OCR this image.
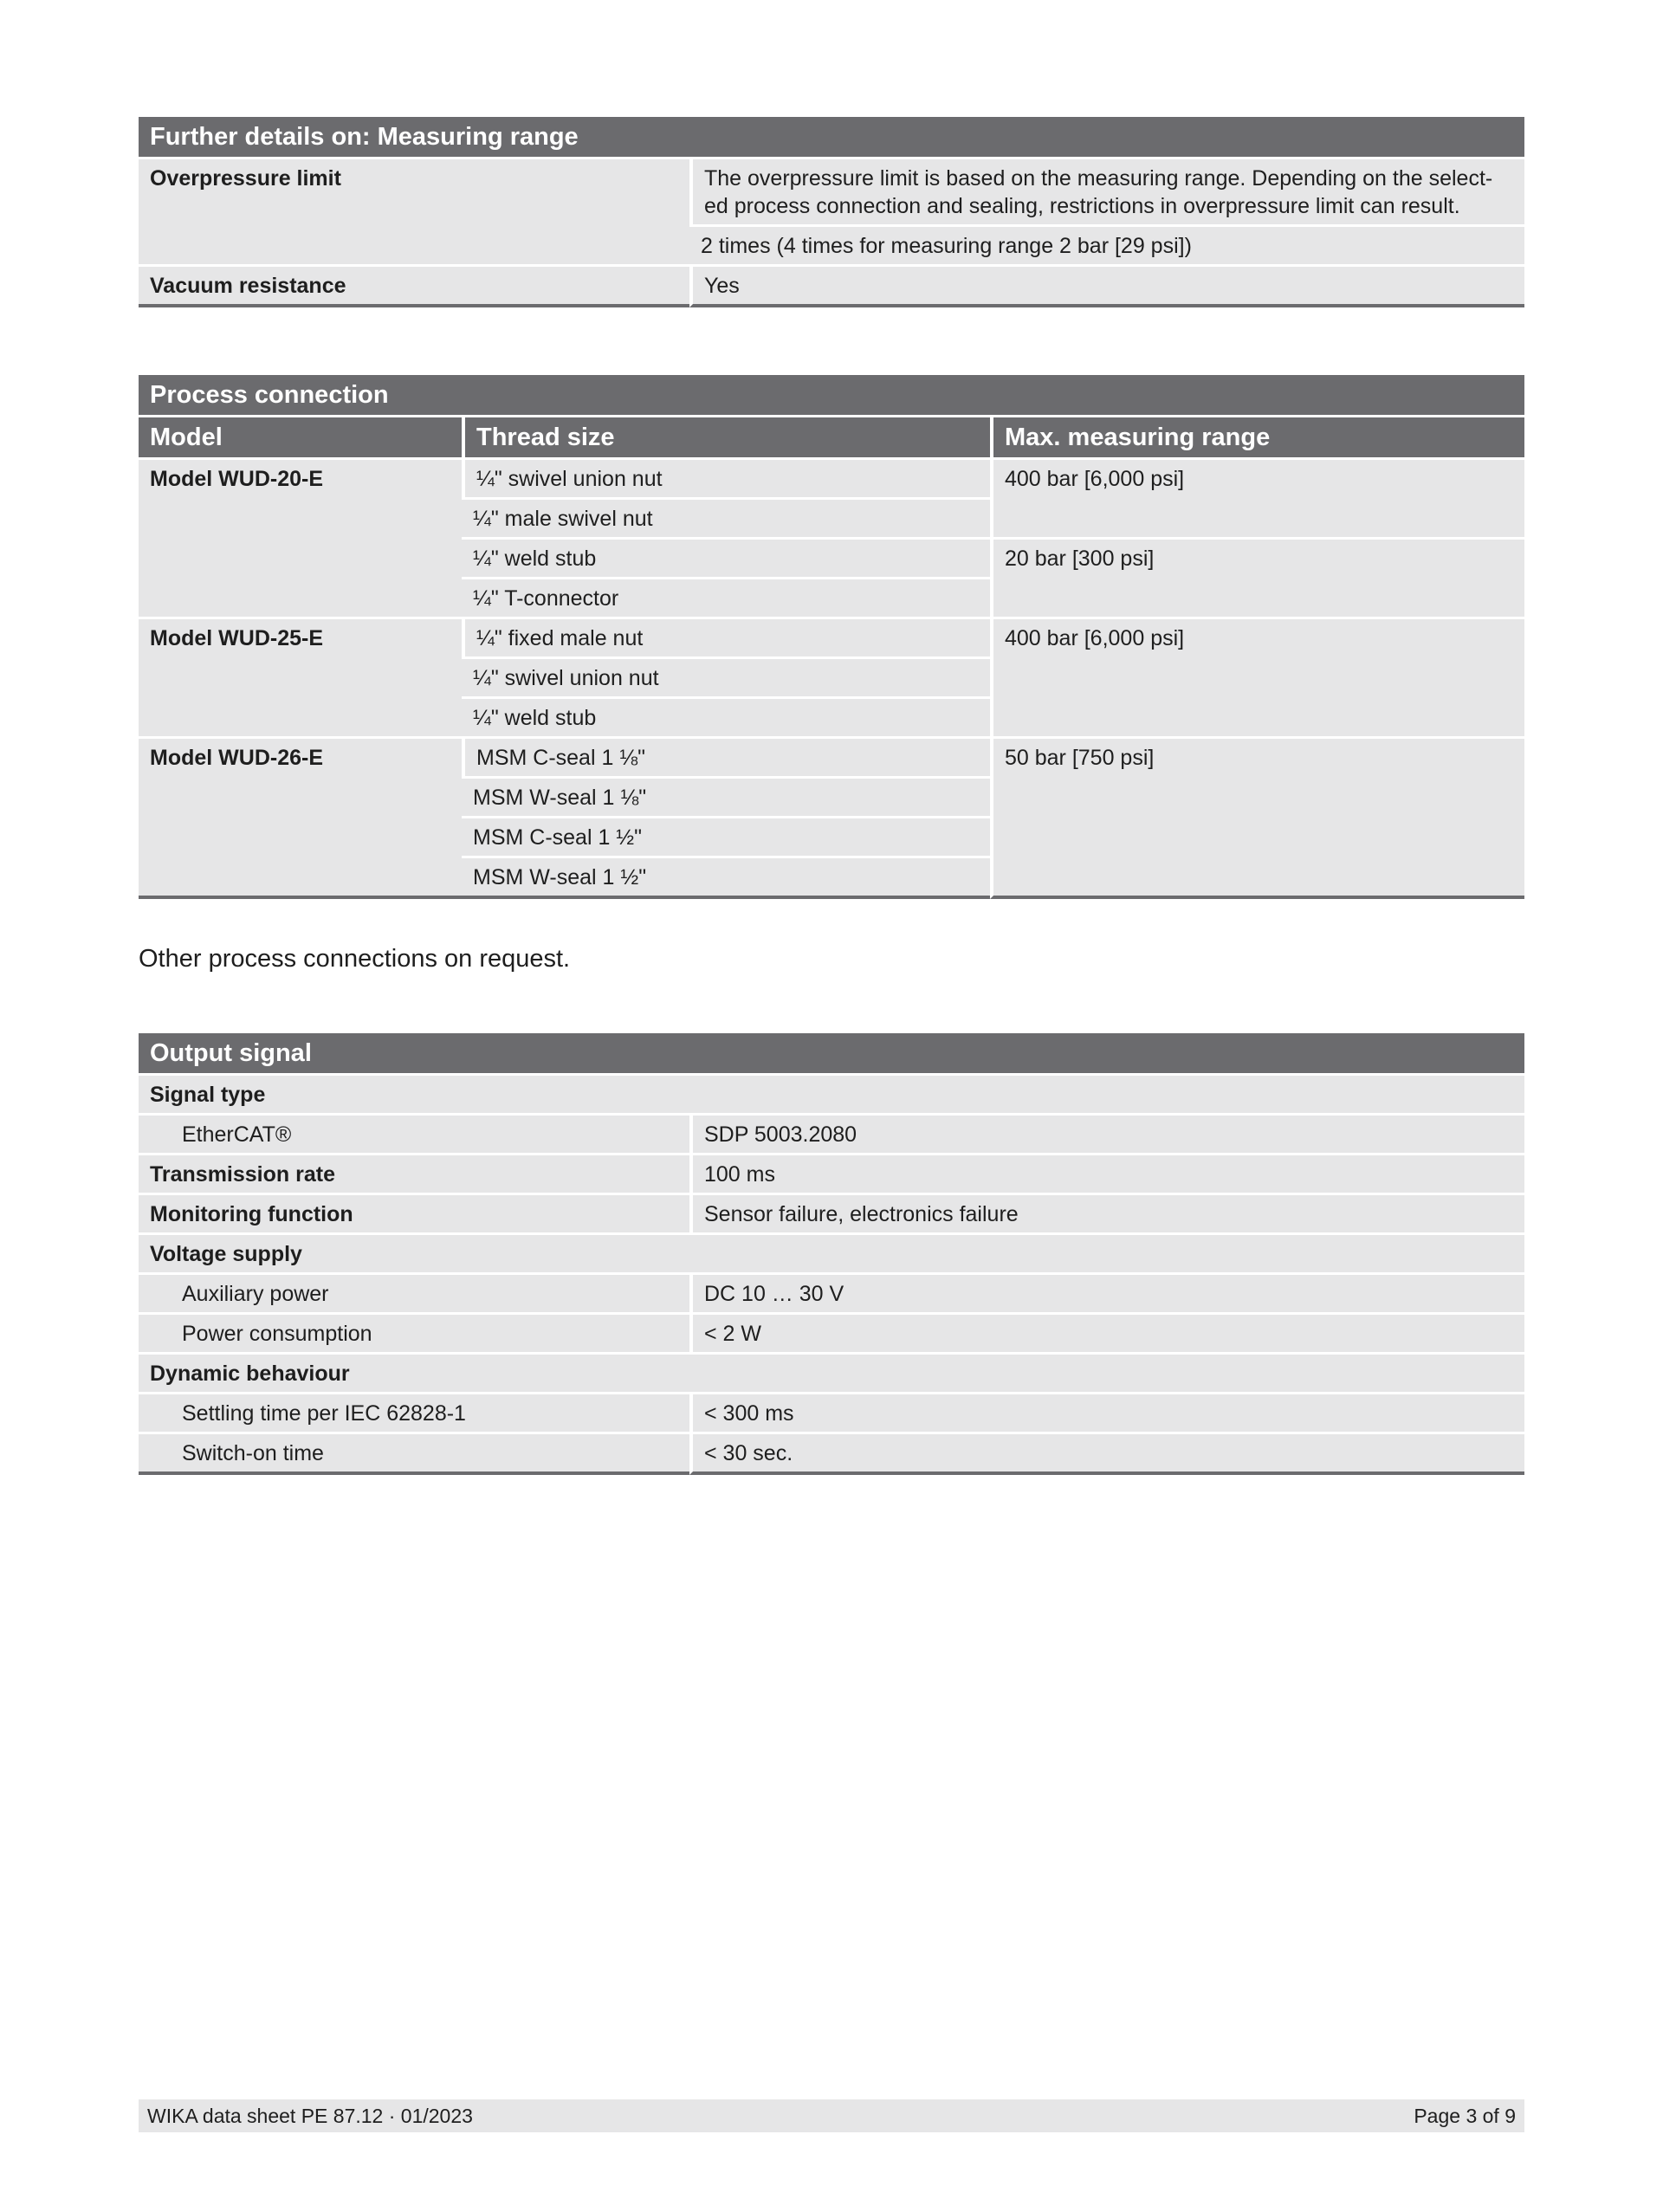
Further details on: Measuring range	
Overpressure limit	The overpressure limit is based on the measuring range. Depending on the select-ed process connection and sealing, restrictions in overpressure limit can result.
	2 times (4 times for measuring range 2 bar [29 psi])
Vacuum resistance	Yes
Process connection		
Model	Thread size	Max. measuring range
Model WUD-20-E	¼" swivel union nut	400 bar [6,000 psi]
	¼" male swivel nut	
	¼" weld stub	20 bar [300 psi]
	¼" T-connector	
Model WUD-25-E	¼" fixed male nut	400 bar [6,000 psi]
	¼" swivel union nut	
	¼" weld stub	
Model WUD-26-E	MSM C-seal 1 ⅛"	50 bar [750 psi]
	MSM W-seal 1 ⅛"	
	MSM C-seal 1 ½"	
	MSM W-seal 1 ½"	
Other process connections on request.
Output signal	
Signal type	
EtherCAT®	SDP 5003.2080
Transmission rate	100 ms
Monitoring function	Sensor failure, electronics failure
Voltage supply	
Auxiliary power	DC 10 … 30 V
Power consumption	< 2 W
Dynamic behaviour	
Settling time per IEC 62828-1	< 300 ms
Switch-on time	< 30 sec.
WIKA data sheet PE 87.12 · 01/2023	Page 3 of 9
